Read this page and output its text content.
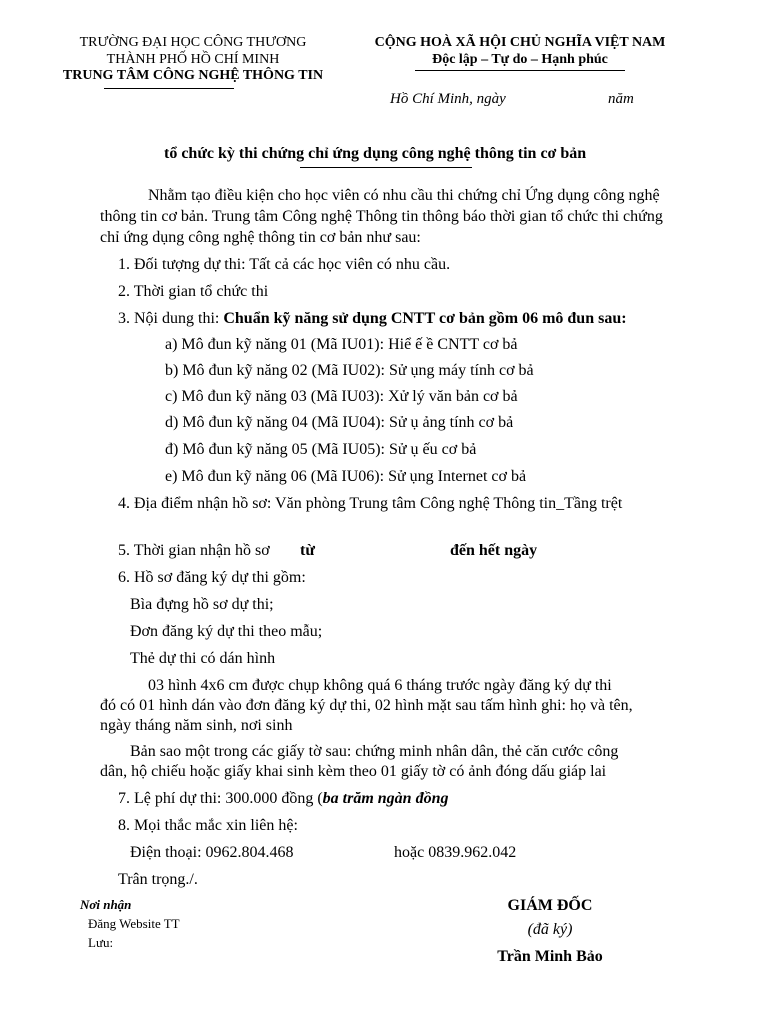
TRƯỜNG ĐẠI HỌC CÔNG THƯƠNG
THÀNH PHỐ HỒ CHÍ MINH
TRUNG TÂM CÔNG NGHỆ THÔNG TIN
CỘNG HOÀ XÃ HỘI CHỦ NGHĨA VIỆT NAM
Độc lập – Tự do – Hạnh phúc
Hồ Chí Minh, ngày	năm
tổ chức kỳ thi chứng chỉ ứng dụng công nghệ thông tin cơ bản
Nhằm tạo điều kiện cho học viên có nhu cầu thi chứng chỉ Ứng dụng công nghệ
thông tin cơ bản. Trung tâm Công nghệ Thông tin thông báo thời gian tổ chức thi chứng
chỉ ứng dụng công nghệ thông tin cơ bản như sau:
1. Đối tượng dự thi: Tất cả các học viên có nhu cầu.
2. Thời gian tổ chức thi
3. Nội dung thi: Chuẩn kỹ năng sử dụng CNTT cơ bản gồm 06 mô đun sau:
a) Mô đun kỹ năng 01 (Mã IU01): Hiể ế ề CNTT cơ bả
b) Mô đun kỹ năng 02 (Mã IU02): Sử ụng máy tính cơ bả
c) Mô đun kỹ năng 03 (Mã IU03): Xử lý văn bản cơ bả
d) Mô đun kỹ năng 04 (Mã IU04): Sử ụ ảng tính cơ bả
đ) Mô đun kỹ năng 05 (Mã IU05): Sử ụ ếu cơ bả
e) Mô đun kỹ năng 06 (Mã IU06): Sử ụng Internet cơ bả
4. Địa điểm nhận hồ sơ: Văn phòng Trung tâm Công nghệ Thông tin_Tầng trệt
5. Thời gian nhận hồ sơ từ	đến hết ngày
6. Hồ sơ đăng ký dự thi gồm:
Bìa đựng hồ sơ dự thi;
Đơn đăng ký dự thi theo mẫu;
Thẻ dự thi có dán hình
03 hình 4x6 cm được chụp không quá 6 tháng trước ngày đăng ký dự thi
đó có 01 hình dán vào đơn đăng ký dự thi, 02 hình mặt sau tấm hình ghi: họ và tên,
ngày tháng năm sinh, nơi sinh
Bản sao một trong các giấy tờ sau: chứng minh nhân dân, thẻ căn cước công
dân, hộ chiếu hoặc giấy khai sinh kèm theo 01 giấy tờ có ảnh đóng dấu giáp lai
7. Lệ phí dự thi: 300.000 đồng (ba trăm ngàn đồng
8. Mọi thắc mắc xin liên hệ:
Điện thoại: 0962.804.468	hoặc 0839.962.042
Trân trọng./.
Nơi nhận
Đăng Website TT
Lưu:
GIÁM ĐỐC
(đã ký)
Trần Minh Bảo
